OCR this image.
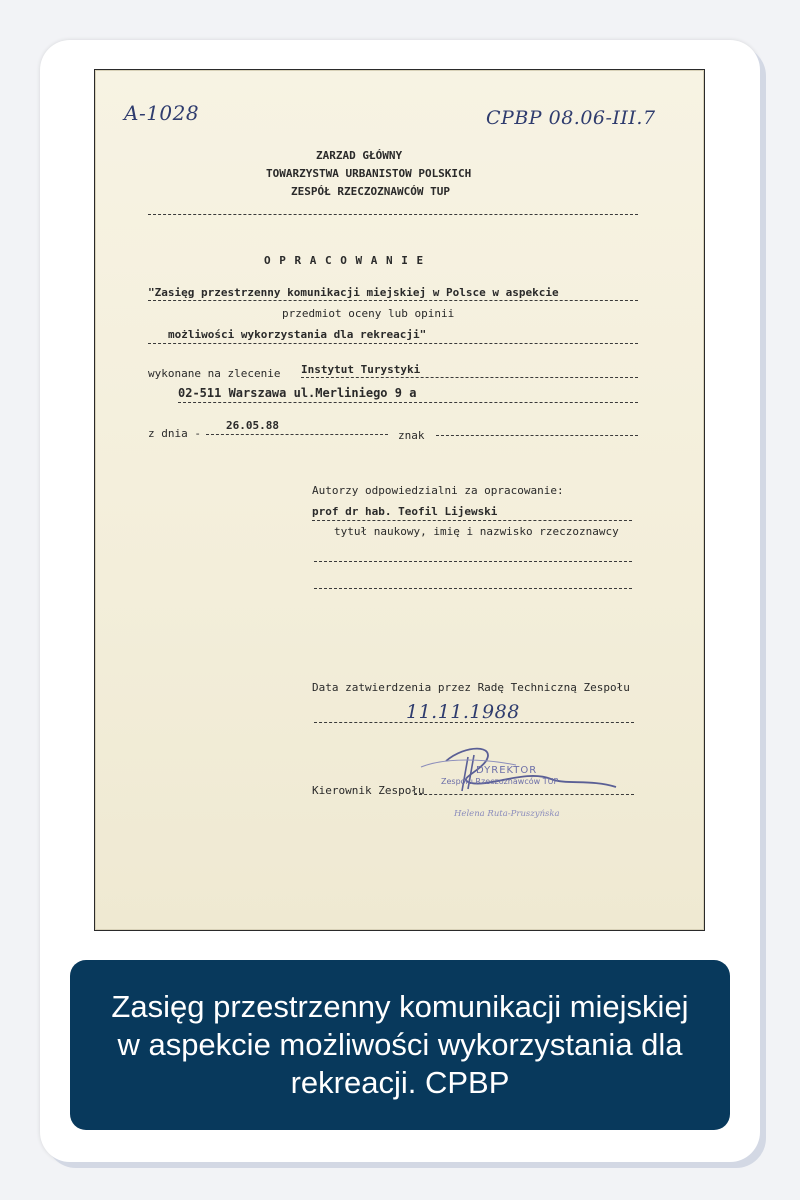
A-1028	CPBP 08.06-III.7
ZARZAD GŁÓWNY
TOWARZYSTWA URBANISTOW POLSKICH
ZESPÓŁ RZECZOZNAWCÓW TUP
O P R A C O W A N I E
"Zasięg przestrzenny komunikacji miejskiej w Polsce w aspekcie
przedmiot oceny lub opinii
możliwości wykorzystania dla rekreacji"
wykonane na zlecenie Instytut Turystyki
02-511 Warszawa ul.Merliniego 9 a
z dnia -
26.05.88
znak
Autorzy odpowiedzialni za opracowanie:
prof dr hab. Teofil Lijewski
tytuł naukowy, imię i nazwisko rzeczoznawcy
Data zatwierdzenia przez Radę Techniczną Zespołu
11.11.1988
Kierownik Zespołu
DYREKTOR
Zespołu Rzeczoznawców TUP
Helena Ruta-Pruszyńska
Zasięg przestrzenny komunikacji miejskiej w aspekcie możliwości wykorzystania dla rekreacji. CPBP
